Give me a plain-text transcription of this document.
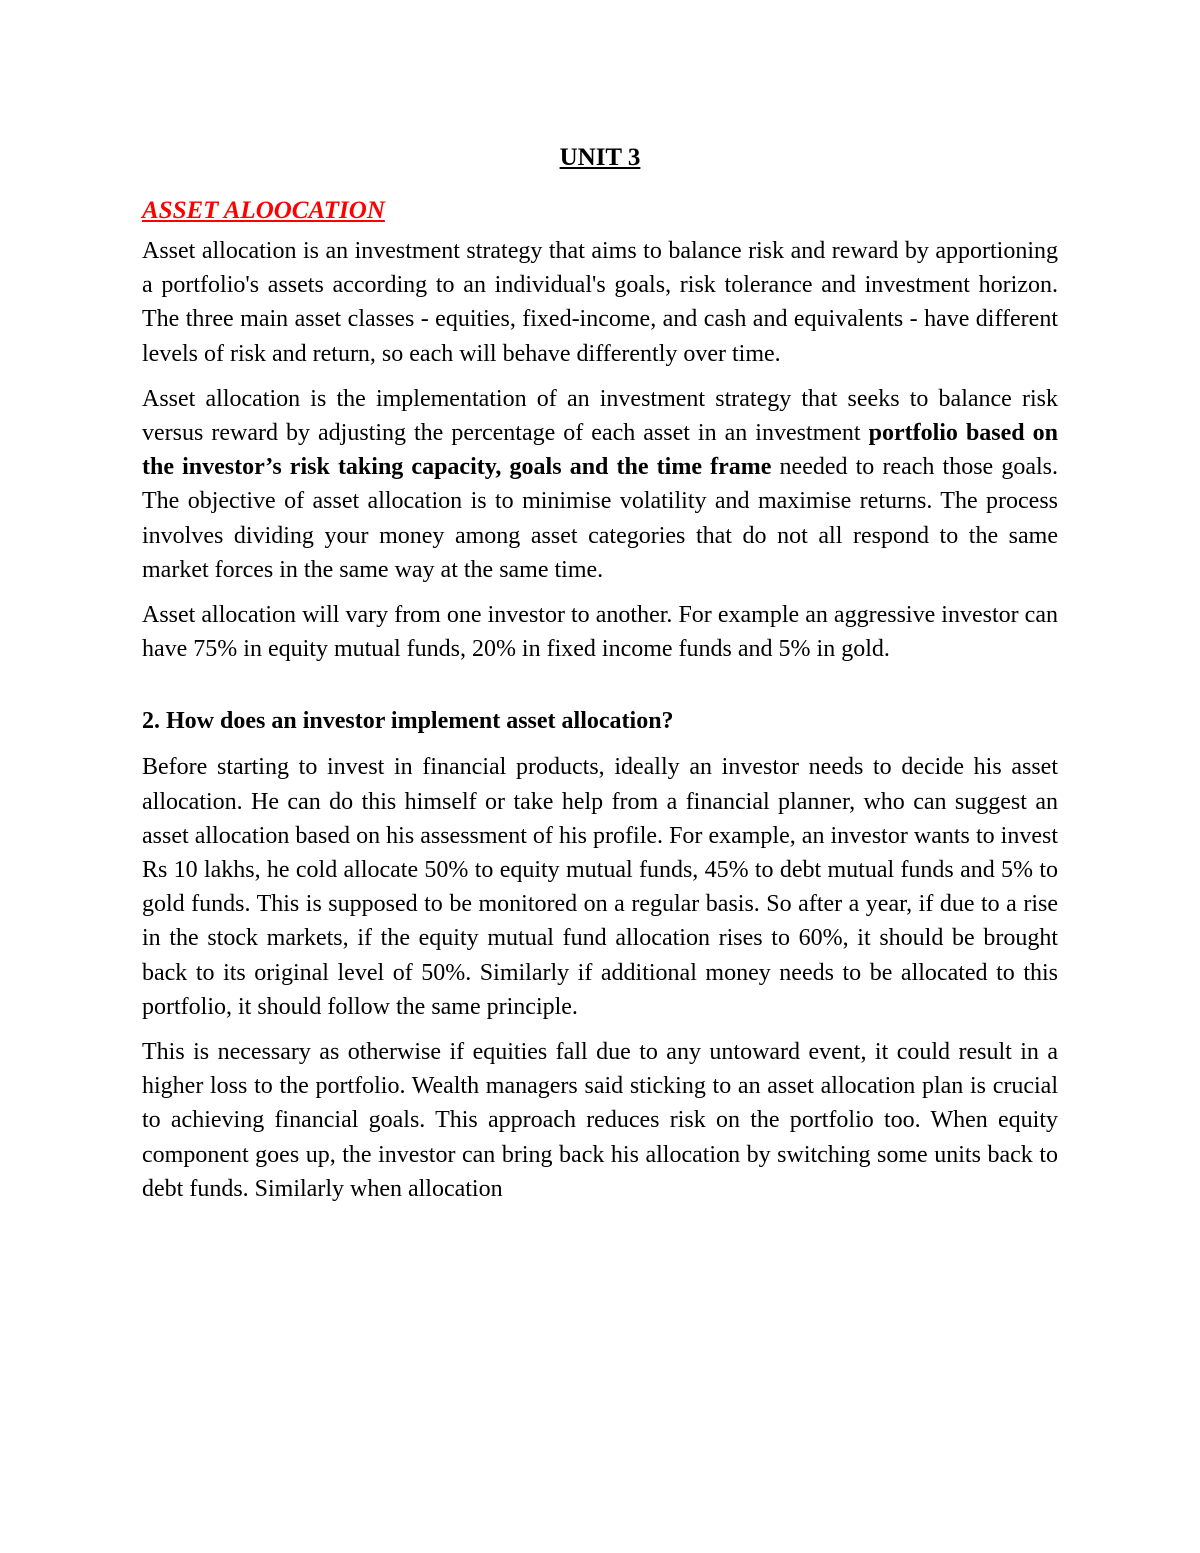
UNIT 3
ASSET ALOOCATION

Asset allocation is an investment strategy that aims to balance risk and reward by apportioning a portfolio's assets according to an individual's goals, risk tolerance and investment horizon. The three main asset classes - equities, fixed-income, and cash and equivalents - have different levels of risk and return, so each will behave differently over time.

Asset allocation is the implementation of an investment strategy that seeks to balance risk versus reward by adjusting the percentage of each asset in an investment portfolio based on the investor’s risk taking capacity, goals and the time frame needed to reach those goals. The objective of asset allocation is to minimise volatility and maximise returns. The process involves dividing your money among asset categories that do not all respond to the same market forces in the same way at the same time.

Asset allocation will vary from one investor to another. For example an aggressive investor can have 75% in equity mutual funds, 20% in fixed income funds and 5% in gold.

2. How does an investor implement asset allocation?

Before starting to invest in financial products, ideally an investor needs to decide his asset allocation. He can do this himself or take help from a financial planner, who can suggest an asset allocation based on his assessment of his profile. For example, an investor wants to invest Rs 10 lakhs, he cold allocate 50% to equity mutual funds, 45% to debt mutual funds and 5% to gold funds. This is supposed to be monitored on a regular basis. So after a year, if due to a rise in the stock markets, if the equity mutual fund allocation rises to 60%, it should be brought back to its original level of 50%. Similarly if additional money needs to be allocated to this portfolio, it should follow the same principle.

This is necessary as otherwise if equities fall due to any untoward event, it could result in a higher loss to the portfolio. Wealth managers said sticking to an asset allocation plan is crucial to achieving financial goals. This approach reduces risk on the portfolio too. When equity component goes up, the investor can bring back his allocation by switching some units back to debt funds. Similarly when allocation
